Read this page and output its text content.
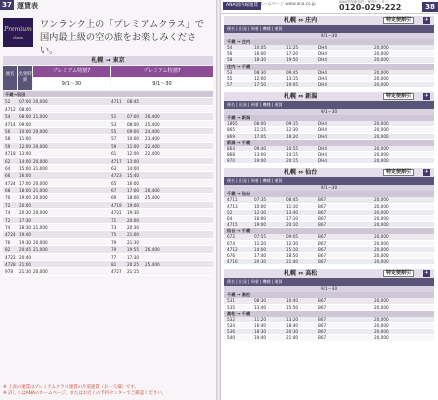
37 運賃表
Premium
class
ワンランク上の「プレミアムクラス」で国内最上級の空の旅をお楽しみください。
札幌 → 東京
便名 出発時刻
プレミアム特割7
9/1〜30
プレミアム特割7
9/1〜30
千歳→羽田
52	07:00 20,000	4711	08:45
4712 08:00
54	08:00 21,000	51	07:00	26,400
4714 09:00	53	08:00	25,400
56	10:00 20,000	55	09:00	24,400
58	11:00	57	10:00	23,400
59	12:00 20,000	59	11:00	22,400
4718 13:00	61	12:00	22,400
62	14:00 20,000	4717	13:00
64	15:00 21,000	63	14:00
66	16:00	4723	15:40
4724 17:00 20,000	65	16:00
68	18:00 21,000	67	17:00	26,400
70	19:00 20,000	69	18:00	25,400
72	20:00	4719	19:00
74	20:30 20,000	4721	19:30
72	17:30	71	20:00
74	18:30 21,000	73	20:30
4724 19:40	75	21:00
76	19:30 20,000	79	21:30
82	20:45 21,000	79	19:55	26,400
4722 20:40	77	17:30
4728 21:00	81	20:25	25,400
978	21:30 20,000	4727	21:15
※ 上表の運賃はプレミアムクラス運賃の片道運賃（お一人様）です。
※ 詳しくはANAのホームページ、またはお近くの予約センターでご確認ください。
ANA国内線運賃 ホームページ www.ana.co.jp	ANA国内線予約・案内センター
0120-029-222	38
札幌 ⇔ 庄内	特定便割引	✈
便名 | 出発 | 到着 | 機種 | 運賃
9/1〜30
千歳 → 庄内
54	10:05	11:25	DH4	20,000
56	16:00	17:20	DH4	20,000
58	18:30	19:50	DH4	20,000
庄内 → 千歳
53	08:30	09:45	DH4	20,000
55	12:00	13:15	DH4	20,000
57	17:50	19:05	DH4	20,000
札幌 ⇔ 新潟	特定便割引	✈
便名 | 出発 | 到着 | 機種 | 運賃
9/1〜30
千歳 → 新潟
1865	08:00	09:15	DH4	20,000
865	11:15	12:30	DH4	20,000
869	17:05	18:20	DH4	20,000
新潟 → 千歳
864	09:40	10:55	DH4	20,000
868	13:00	14:15	DH4	20,000
870	19:00	20:15	DH4	20,000
札幌 ⇔ 仙台	特定便割引	✈
便名 | 出発 | 到着 | 機種 | 運賃
9/1〜30
千歳 → 仙台
4711	07:35	08:45	B67	20,000
4713	10:00	11:10	B67	20,000
52	12:30	13:40	B67	20,000
64	16:00	17:10	B67	20,000
4715	19:00	20:10	B67	20,000
仙台 → 千歳
672	07:55	09:05	B67	20,000
674	11:20	12:30	B67	20,000
4712	14:00	15:10	B67	20,000
676	17:40	18:50	B67	20,000
4716	20:30	21:40	B67	20,000
札幌 ⇔ 高松	特定便割引	✈
便名 | 出発 | 到着 | 機種 | 運賃
9/1〜30
千歳 → 高松
531	08:30	10:40	B67	20,000
535	13:40	15:50	B67	20,000
高松 → 千歳
532	11:20	13:20	B67	20,000
534	16:40	18:40	B67	20,000
536	18:30	20:30	B67	20,000
540	19:40	21:40	B67	20,000
